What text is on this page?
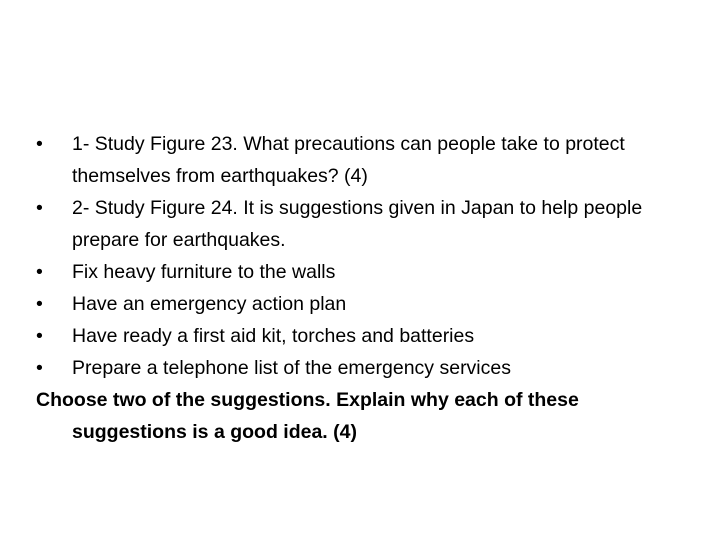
•	1- Study Figure 23. What precautions can people take to protect themselves from earthquakes? (4)
•	2- Study Figure 24. It is suggestions given in Japan to help people prepare for earthquakes.
•	Fix heavy furniture to the walls
•	Have an emergency action plan
•	Have ready a first aid kit, torches and batteries
•	Prepare a telephone list of the emergency services

Choose two of the suggestions. Explain why each of these suggestions is a good idea. (4)
